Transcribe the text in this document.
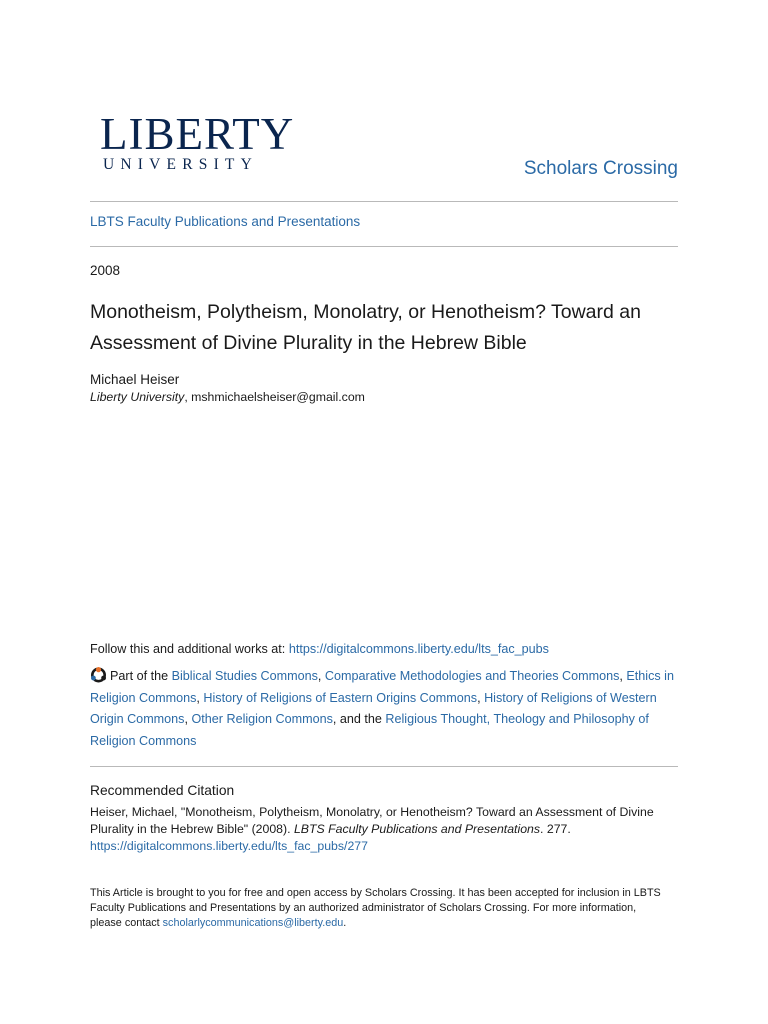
LIBERTY
UNIVERSITY	Scholars Crossing
LBTS Faculty Publications and Presentations
2008
Monotheism, Polytheism, Monolatry, or Henotheism? Toward an Assessment of Divine Plurality in the Hebrew Bible
Michael Heiser
Liberty University, mshmichaelsheiser@gmail.com
Follow this and additional works at: https://digitalcommons.liberty.edu/lts_fac_pubs
Part of the Biblical Studies Commons, Comparative Methodologies and Theories Commons, Ethics in Religion Commons, History of Religions of Eastern Origins Commons, History of Religions of Western Origin Commons, Other Religion Commons, and the Religious Thought, Theology and Philosophy of Religion Commons
Recommended Citation
Heiser, Michael, "Monotheism, Polytheism, Monolatry, or Henotheism? Toward an Assessment of Divine Plurality in the Hebrew Bible" (2008). LBTS Faculty Publications and Presentations. 277.
https://digitalcommons.liberty.edu/lts_fac_pubs/277
This Article is brought to you for free and open access by Scholars Crossing. It has been accepted for inclusion in LBTS Faculty Publications and Presentations by an authorized administrator of Scholars Crossing. For more information, please contact scholarlycommunications@liberty.edu.
